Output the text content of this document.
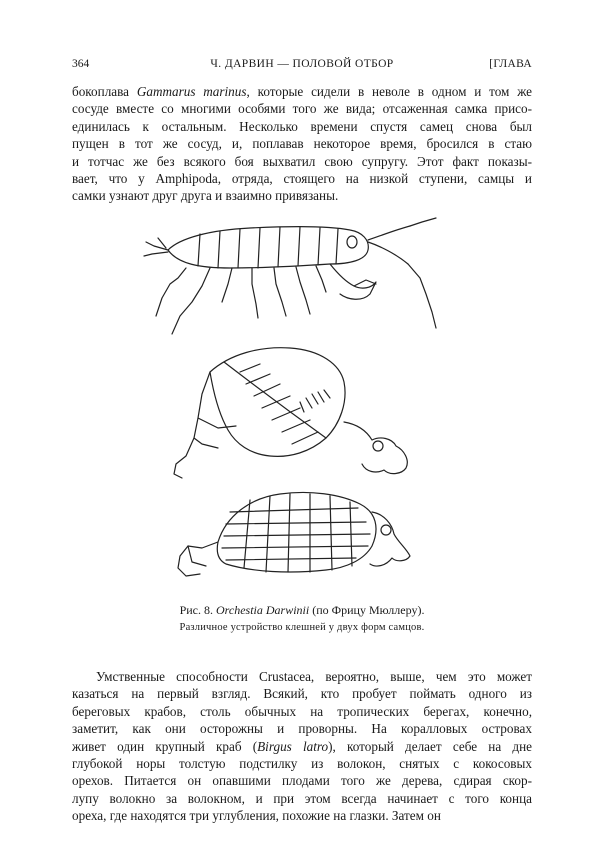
364	Ч. ДАРВИН — ПОЛОВОЙ ОТБОР	[ГЛАВА
бокоплава Gammarus marinus, которые сидели в неволе в одном и том же
сосуде вместе со многими особями того же вида; отсаженная самка присо-
единилась к остальным. Несколько времени спустя самец снова был
пущен в тот же сосуд, и, поплавав некоторое время, бросился в стаю
и тотчас же без всякого боя выхватил свою супругу. Этот факт показы-
вает, что у Amphipoda, отряда, стоящего на низкой ступени, самцы и
самки узнают друг друга и взаимно привязаны.
Рис. 8. Orchestia Darwinii (по Фрицу Мюллеру).
Различное устройство клешней у двух форм самцов.
Умственные способности Crustacea, вероятно, выше, чем это может
казаться на первый взгляд. Всякий, кто пробует поймать одного из
береговых крабов, столь обычных на тропических берегах, конечно,
заметит, как они осторожны и проворны. На коралловых островах
живет один крупный краб (Birgus latro), который делает себе на дне
глубокой норы толстую подстилку из волокон, снятых с кокосовых
орехов. Питается он опавшими плодами того же дерева, сдирая скор-
лупу волокно за волокном, и при этом всегда начинает с того конца
ореха, где находятся три углубления, похожие на глазки. Затем он
